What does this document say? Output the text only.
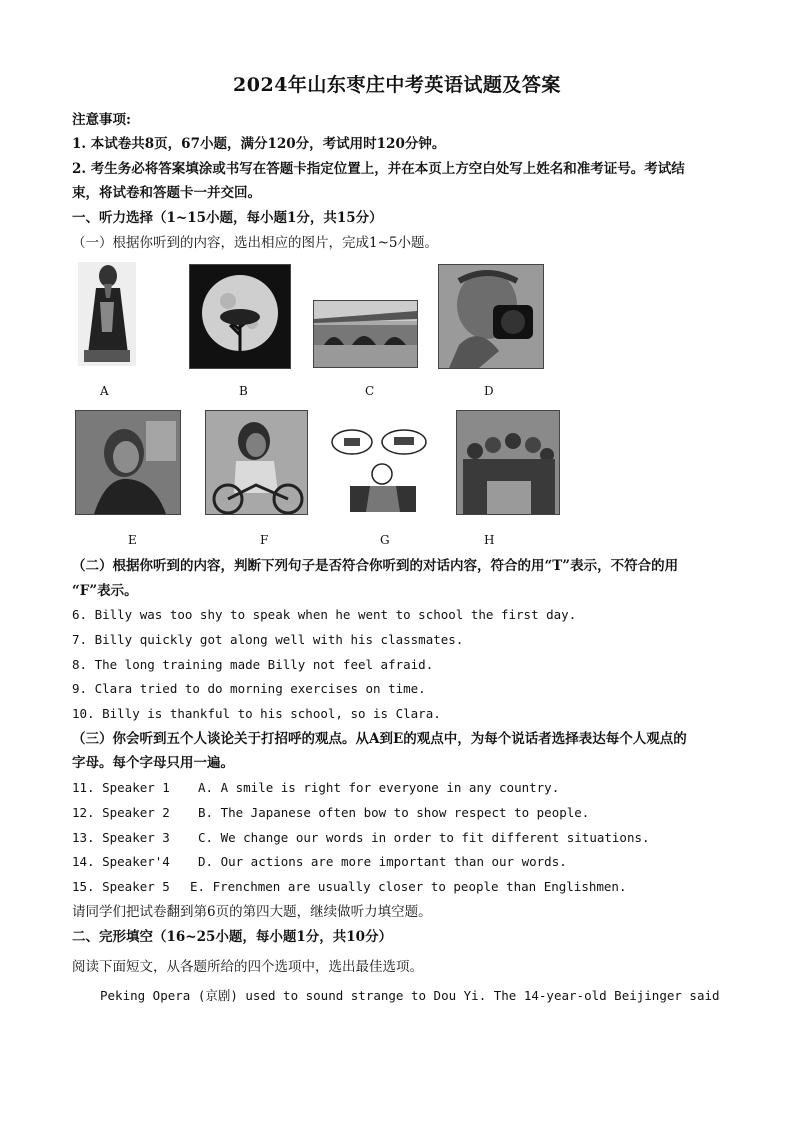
2024年山东枣庄中考英语试题及答案
注意事项:
1. 本试卷共8页，67小题，满分120分，考试用时120分钟。
2. 考生务必将答案填涂或书写在答题卡指定位置上，并在本页上方空白处写上姓名和准考证号。考试结
束，将试卷和答题卡一并交回。
一、听力选择（1~15小题，每小题1分，共15分）
（一）根据你听到的内容，选出相应的图片，完成1~5小题。
A	B	C	D
E	F	G	H
（二）根据你听到的内容，判断下列句子是否符合你听到的对话内容，符合的用“T”表示，不符合的用
“F”表示。
6. Billy was too shy to speak when he went to school the first day.
7. Billy quickly got along well with his classmates.
8. The long training made Billy not feel afraid.
9. Clara tried to do morning exercises on time.
10. Billy is thankful to his school, so is Clara.
（三）你会听到五个人谈论关于打招呼的观点。从A到E的观点中，为每个说话者选择表达每个人观点的
字母。每个字母只用一遍。
11. Speaker 1 A. A smile is right for everyone in any country.
12. Speaker 2 B. The Japanese often bow to show respect to people.
13. Speaker 3 C. We change our words in order to fit different situations.
14. Speaker'4 D. Our actions are more important than our words.
15. Speaker 5 E. Frenchmen are usually closer to people than Englishmen.
请同学们把试卷翻到第6页的第四大题，继续做听力填空题。
二、完形填空（16~25小题，每小题1分，共10分）
阅读下面短文，从各题所给的四个选项中，选出最佳选项。
Peking Opera (京剧) used to sound strange to Dou Yi. The 14-year-old Beijinger said
